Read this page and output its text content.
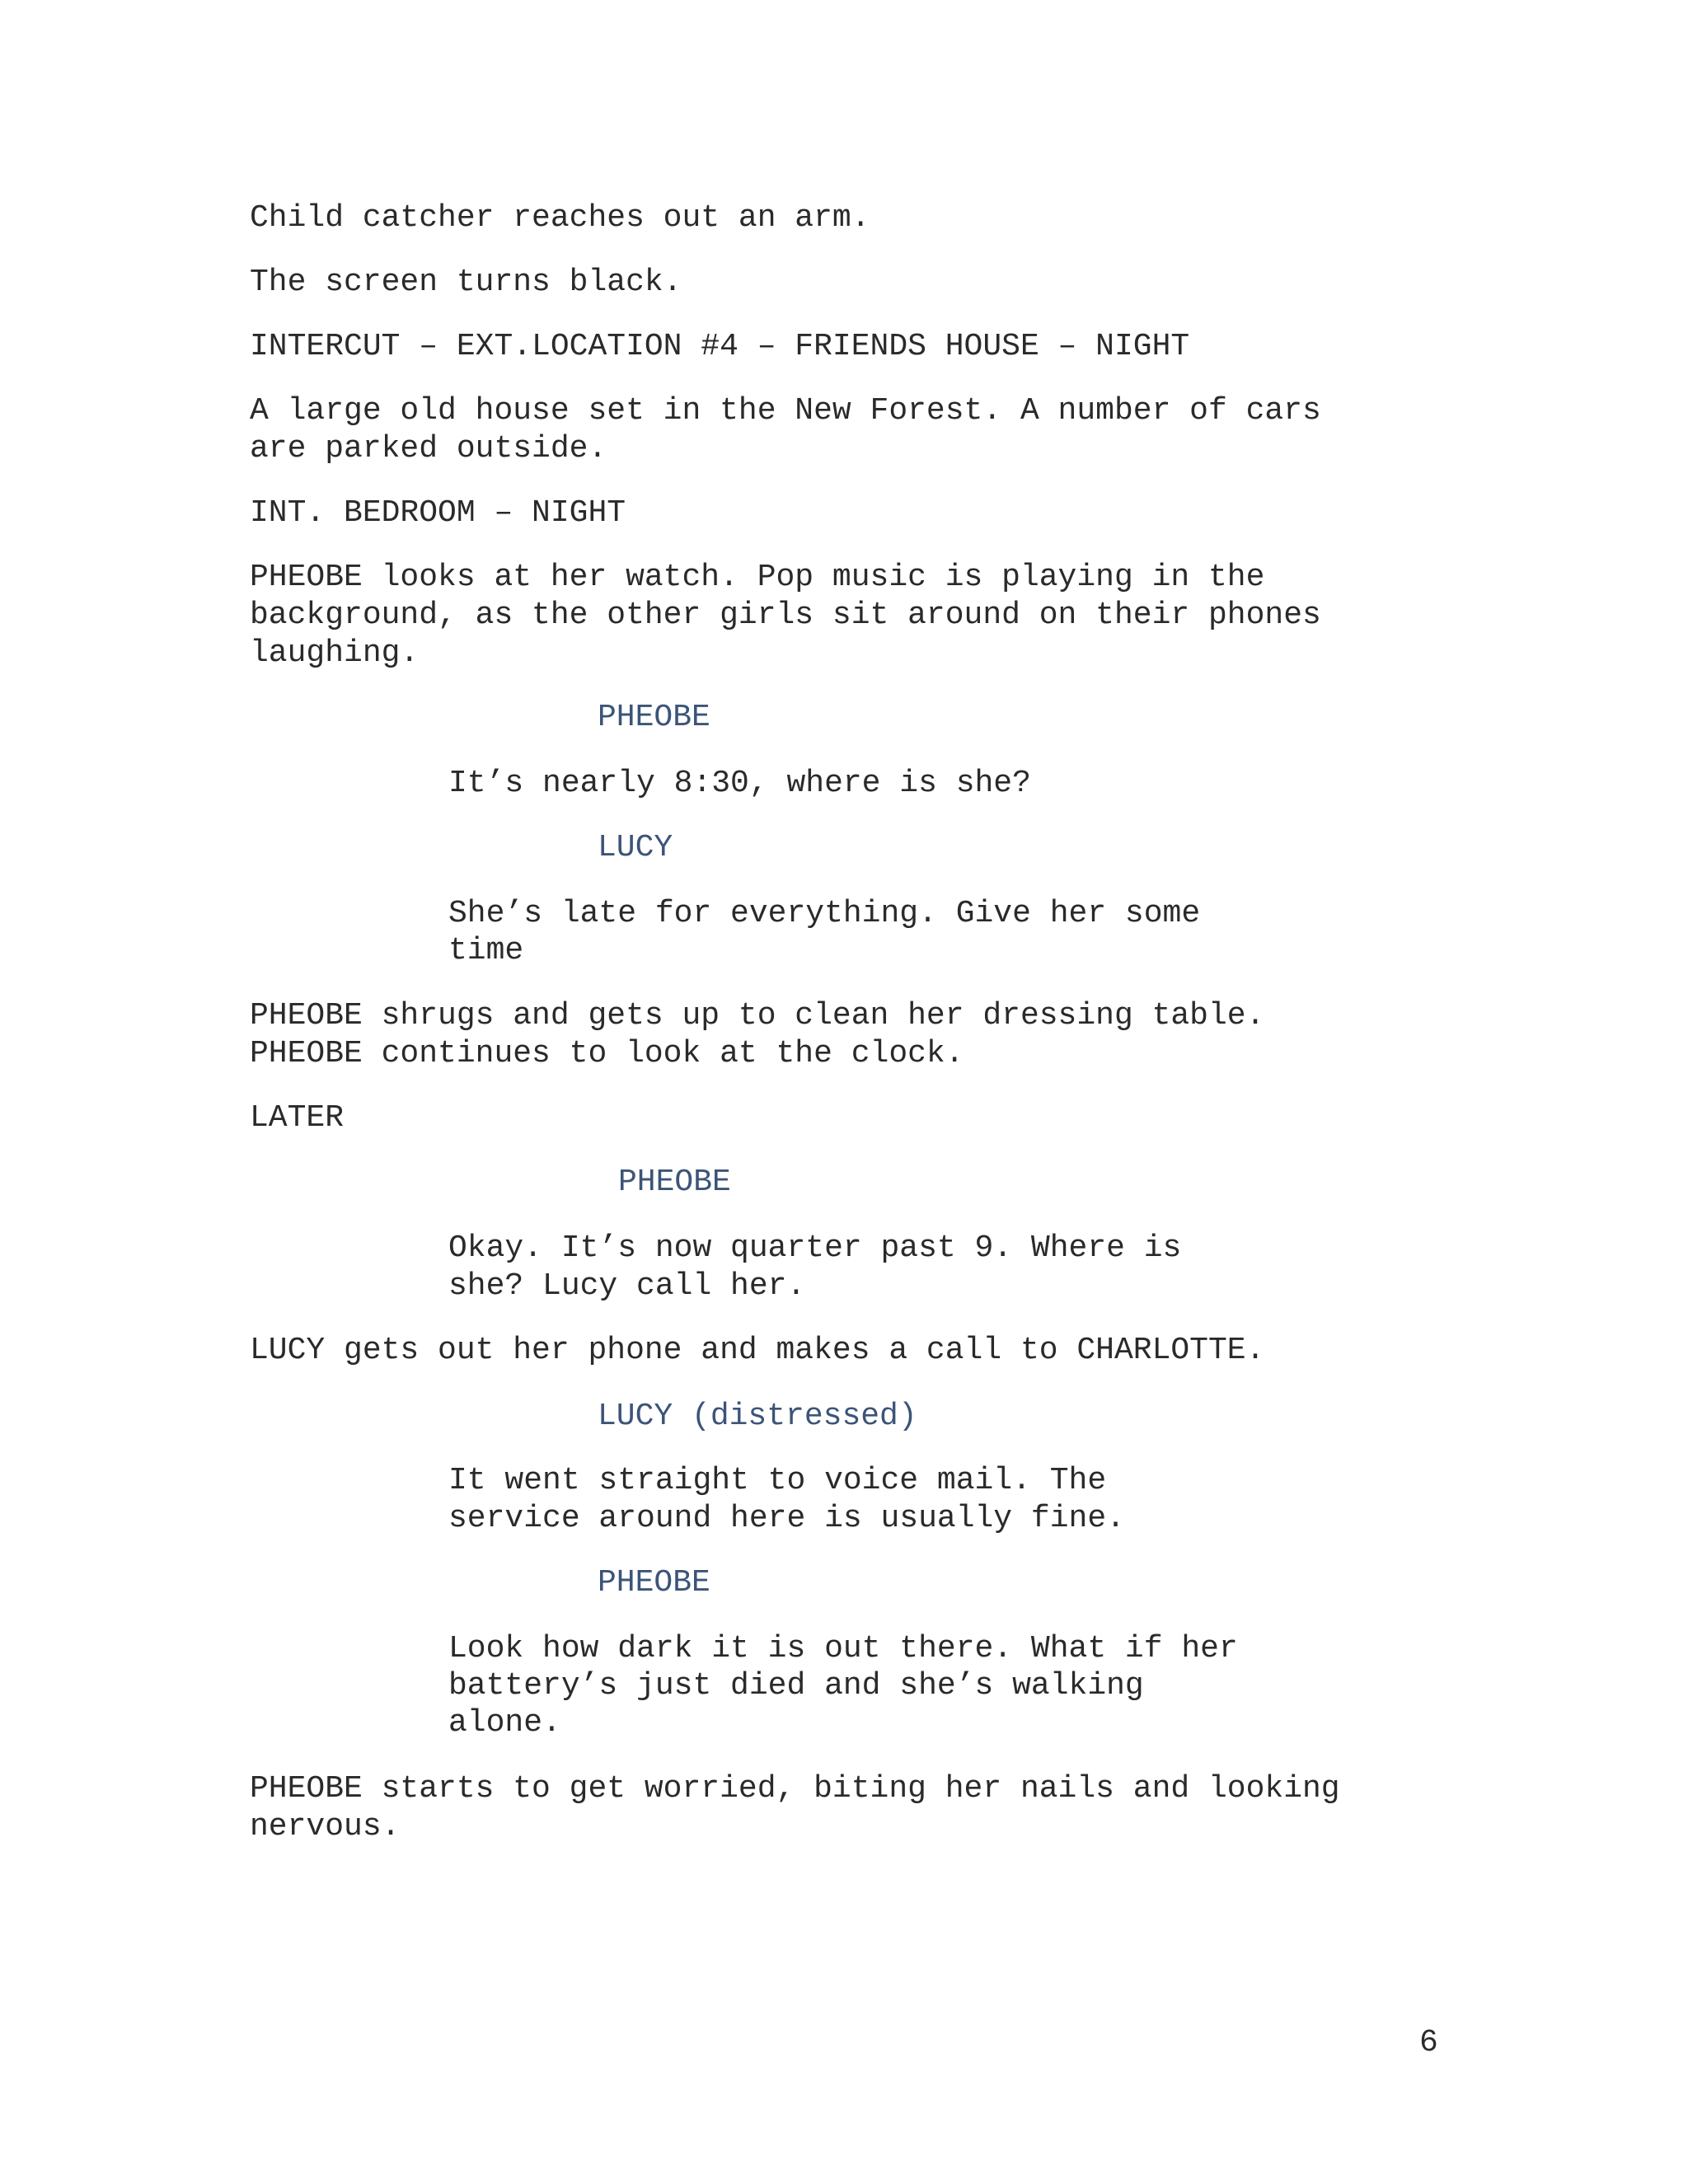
Child catcher reaches out an arm.

The screen turns black.

INTERCUT – EXT.LOCATION #4 – FRIENDS HOUSE – NIGHT

A large old house set in the New Forest. A number of cars

are parked outside.

INT. BEDROOM – NIGHT

PHEOBE looks at her watch. Pop music is playing in the

background, as the other girls sit around on their phones

laughing.

PHEOBE

It’s nearly 8:30, where is she?

LUCY

She’s late for everything. Give her some

time

PHEOBE shrugs and gets up to clean her dressing table.

PHEOBE continues to look at the clock.

LATER

PHEOBE

Okay. It’s now quarter past 9. Where is

she? Lucy call her.

LUCY gets out her phone and makes a call to CHARLOTTE.

LUCY (distressed)

It went straight to voice mail. The

service around here is usually fine.

PHEOBE

Look how dark it is out there. What if her

battery’s just died and she’s walking

alone.

PHEOBE starts to get worried, biting her nails and looking

nervous.

6
